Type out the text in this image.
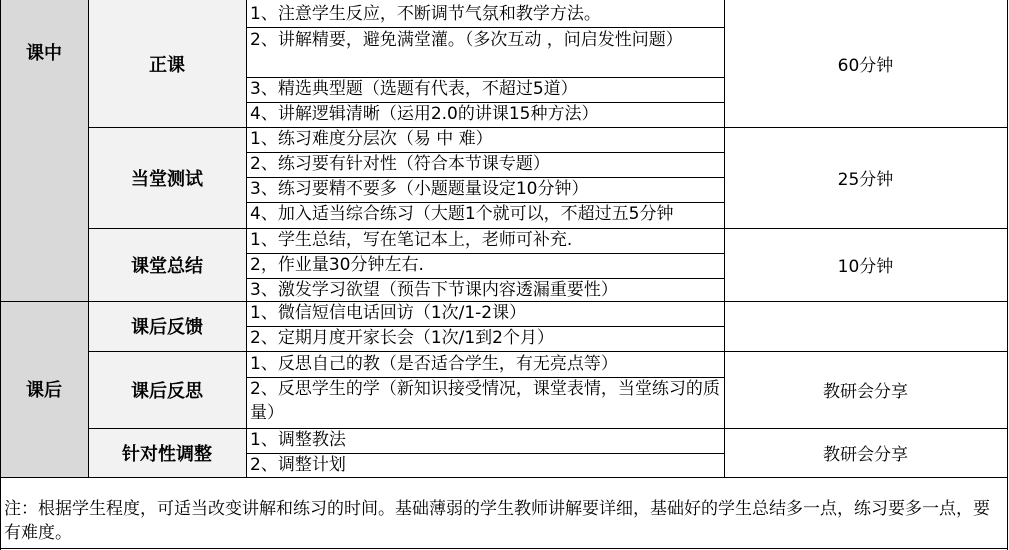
课中
课后
正课
当堂测试
课堂总结
课后反馈
课后反思
针对性调整
1、注意学生反应，不断调节气氛和教学方法。
2、讲解精要，避免满堂灌。（多次互动 ，问启发性问题）
3、精选典型题（选题有代表，不超过5道）
4、讲解逻辑清晰（运用2.0的讲课15种方法）
1、练习难度分层次（易 中 难）
2、练习要有针对性（符合本节课专题）
3、练习要精不要多（小题题量设定10分钟）
4、加入适当综合练习（大题1个就可以，不超过五5分钟
1、学生总结，写在笔记本上，老师可补充.
2，作业量30分钟左右.
3、激发学习欲望（预告下节课内容透漏重要性）
1、微信短信电话回访（1次/1-2课）
2、定期月度开家长会（1次/1到2个月）
1、反思自己的教（是否适合学生，有无亮点等）
2、反思学生的学（新知识接受情况，课堂表情，当堂练习的质量）
1、调整教法
2、调整计划
60分钟
25分钟
10分钟
教研会分享
教研会分享
注：根据学生程度，可适当改变讲解和练习的时间。基础薄弱的学生教师讲解要详细，基础好的学生总结多一点，练习要多一点，要有难度。
